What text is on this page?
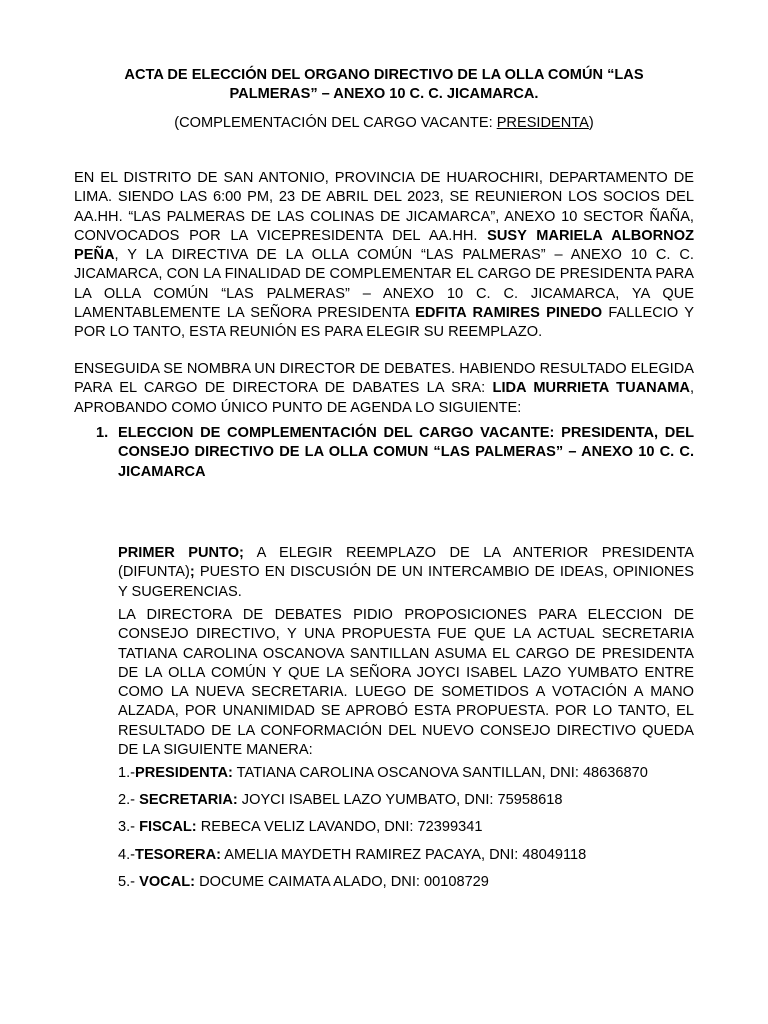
ACTA DE ELECCIÓN DEL ORGANO DIRECTIVO DE LA OLLA COMÚN “LAS
PALMERAS” – ANEXO 10 C. C. JICAMARCA.

(COMPLEMENTACIÓN DEL CARGO VACANTE: PRESIDENTA)

EN EL DISTRITO DE SAN ANTONIO, PROVINCIA DE HUAROCHIRI, DEPARTAMENTO DE LIMA. SIENDO LAS 6:00 PM, 23 DE ABRIL DEL 2023, SE REUNIERON LOS SOCIOS DEL AA.HH. “LAS PALMERAS DE LAS COLINAS DE JICAMARCA”, ANEXO 10 SECTOR ÑAÑA, CONVOCADOS POR LA VICEPRESIDENTA DEL AA.HH. SUSY MARIELA ALBORNOZ PEÑA, Y LA DIRECTIVA DE LA OLLA COMÚN “LAS PALMERAS” – ANEXO 10 C. C. JICAMARCA, CON LA FINALIDAD DE COMPLEMENTAR EL CARGO DE PRESIDENTA PARA LA OLLA COMÚN “LAS PALMERAS” – ANEXO 10 C. C. JICAMARCA, YA QUE LAMENTABLEMENTE LA SEÑORA PRESIDENTA EDFITA RAMIRES PINEDO FALLECIO Y POR LO TANTO, ESTA REUNIÓN ES PARA ELEGIR SU REEMPLAZO.

ENSEGUIDA SE NOMBRA UN DIRECTOR DE DEBATES. HABIENDO RESULTADO ELEGIDA PARA EL CARGO DE DIRECTORA DE DABATES LA SRA: LIDA MURRIETA TUANAMA, APROBANDO COMO ÚNICO PUNTO DE AGENDA LO SIGUIENTE:

1. ELECCION DE COMPLEMENTACIÓN DEL CARGO VACANTE: PRESIDENTA, DEL CONSEJO DIRECTIVO DE LA OLLA COMUN “LAS PALMERAS” – ANEXO 10 C. C. JICAMARCA

PRIMER PUNTO; A ELEGIR REEMPLAZO DE LA ANTERIOR PRESIDENTA (DIFUNTA); PUESTO EN DISCUSIÓN DE UN INTERCAMBIO DE IDEAS, OPINIONES Y SUGERENCIAS.

LA DIRECTORA DE DEBATES PIDIO PROPOSICIONES PARA ELECCION DE CONSEJO DIRECTIVO, Y UNA PROPUESTA FUE QUE LA ACTUAL SECRETARIA TATIANA CAROLINA OSCANOVA SANTILLAN ASUMA EL CARGO DE PRESIDENTA DE LA OLLA COMÚN Y QUE LA SEÑORA JOYCI ISABEL LAZO YUMBATO ENTRE COMO LA NUEVA SECRETARIA. LUEGO DE SOMETIDOS A VOTACIÓN A MANO ALZADA, POR UNANIMIDAD SE APROBÓ ESTA PROPUESTA. POR LO TANTO, EL RESULTADO DE LA CONFORMACIÓN DEL NUEVO CONSEJO DIRECTIVO QUEDA DE LA SIGUIENTE MANERA:

1.-PRESIDENTA: TATIANA CAROLINA OSCANOVA SANTILLAN, DNI: 48636870

2.- SECRETARIA: JOYCI ISABEL LAZO YUMBATO, DNI: 75958618

3.- FISCAL: REBECA VELIZ LAVANDO, DNI: 72399341

4.-TESORERA: AMELIA MAYDETH RAMIREZ PACAYA, DNI: 48049118

5.- VOCAL: DOCUME CAIMATA ALADO, DNI: 00108729
